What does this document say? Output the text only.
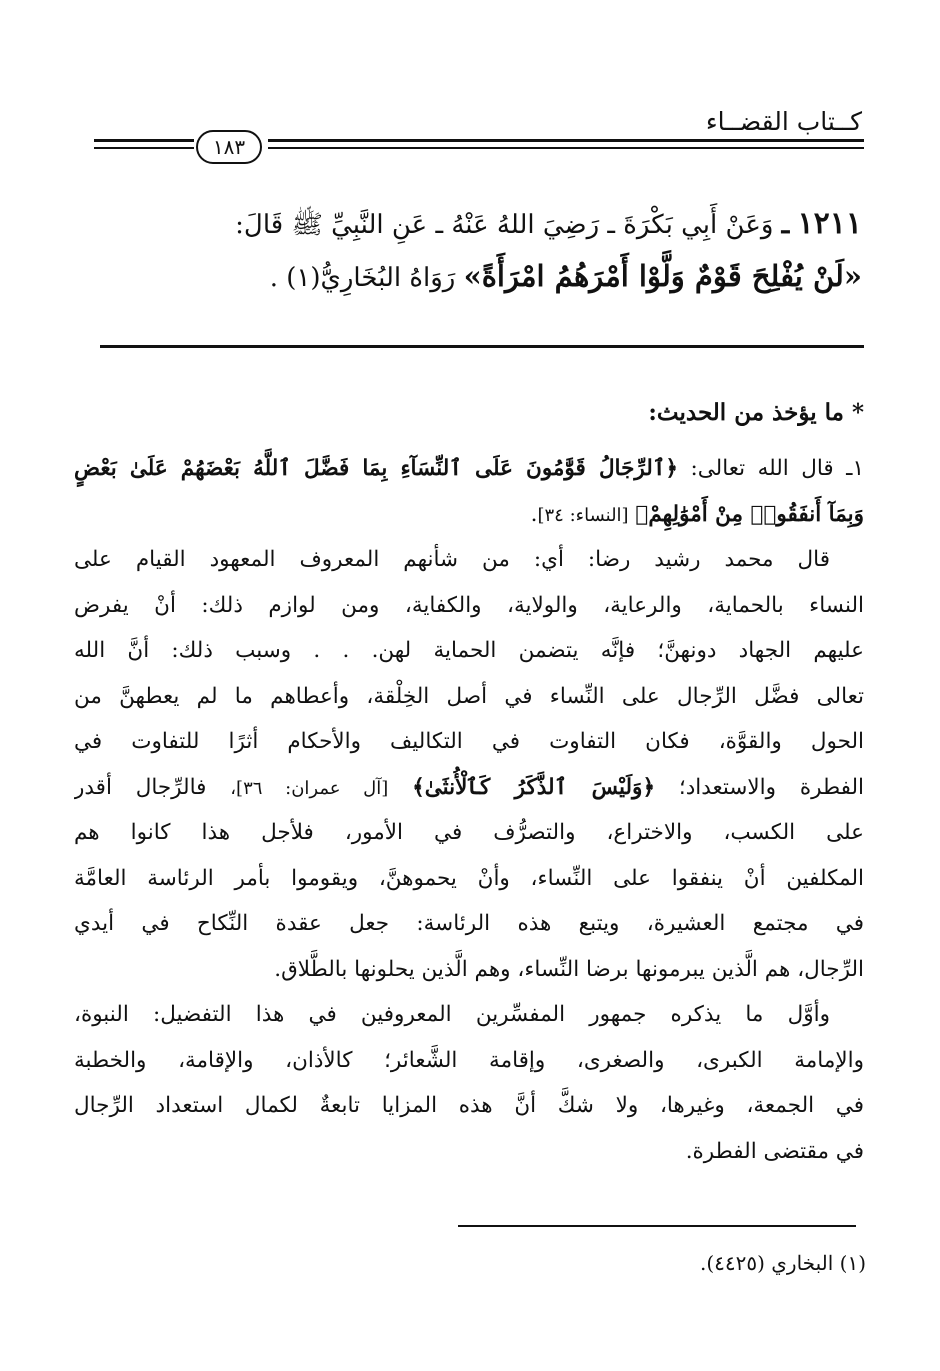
كــتاب القضــاء
١٨٣
١٢١١ ـ وَعَنْ أَبِي بَكْرَةَ ـ رَضِيَ اللهُ عَنْهُ ـ عَنِ النَّبِيِّ ﷺ قَالَ:
«لَنْ يُفْلِحَ قَوْمٌ وَلَّوْا أَمْرَهُمُ امْرَأَةً» رَوَاهُ البُخَارِيُّ(١) .
* ما يؤخذ من الحديث:
١ـ قال الله تعالى: ﴿ٱلرِّجَالُ قَوَّٰمُونَ عَلَى ٱلنِّسَآءِ بِمَا فَضَّلَ ٱللَّهُ بَعْضَهُمْ عَلَىٰ بَعْضٍ
وَبِمَآ أَنفَقُوا۟ مِنْ أَمْوَٰلِهِمْ﴾ [النساء: ٣٤].
قال محمد رشيد رضا: أي: من شأنهم المعروف المعهود القيام على
النساء بالحماية، والرعاية، والولاية، والكفاية، ومن لوازم ذلك: أنْ يفرض
عليهم الجهاد دونهنَّ؛ فإنَّه يتضمن الحماية لهن. . . وسبب ذلك: أنَّ الله
تعالى فضَّل الرِّجال على النِّساء في أصل الخِلْقة، وأعطاهم ما لم يعطهنَّ من
الحول والقوَّة، فكان التفاوت في التكاليف والأحكام أثرًا للتفاوت في
الفطرة والاستعداد؛ ﴿وَلَيْسَ ٱلذَّكَرُ كَٱلْأُنثَىٰ﴾ [آل عمران: ٣٦]، فالرِّجال أقدر
على الكسب، والاختراع، والتصرُّف في الأمور، فلأجل هذا كانوا هم
المكلفين أنْ ينفقوا على النِّساء، وأنْ يحموهنَّ، ويقوموا بأمر الرئاسة العامَّة
في مجتمع العشيرة، ويتبع هذه الرئاسة: جعل عقدة النِّكاح في أيدي
الرِّجال، هم الَّذين يبرمونها برضا النِّساء، وهم الَّذين يحلونها بالطَّلاق.
وأوَّل ما يذكره جمهور المفسِّرين المعروفين في هذا التفضيل: النبوة،
والإمامة الكبرى، والصغرى، وإقامة الشَّعائر؛ كالأذان، والإقامة، والخطبة
في الجمعة، وغيرها، ولا شكَّ أنَّ هذه المزايا تابعةٌ لكمال استعداد الرِّجال
في مقتضى الفطرة.
(١) البخاري (٤٤٢٥).
